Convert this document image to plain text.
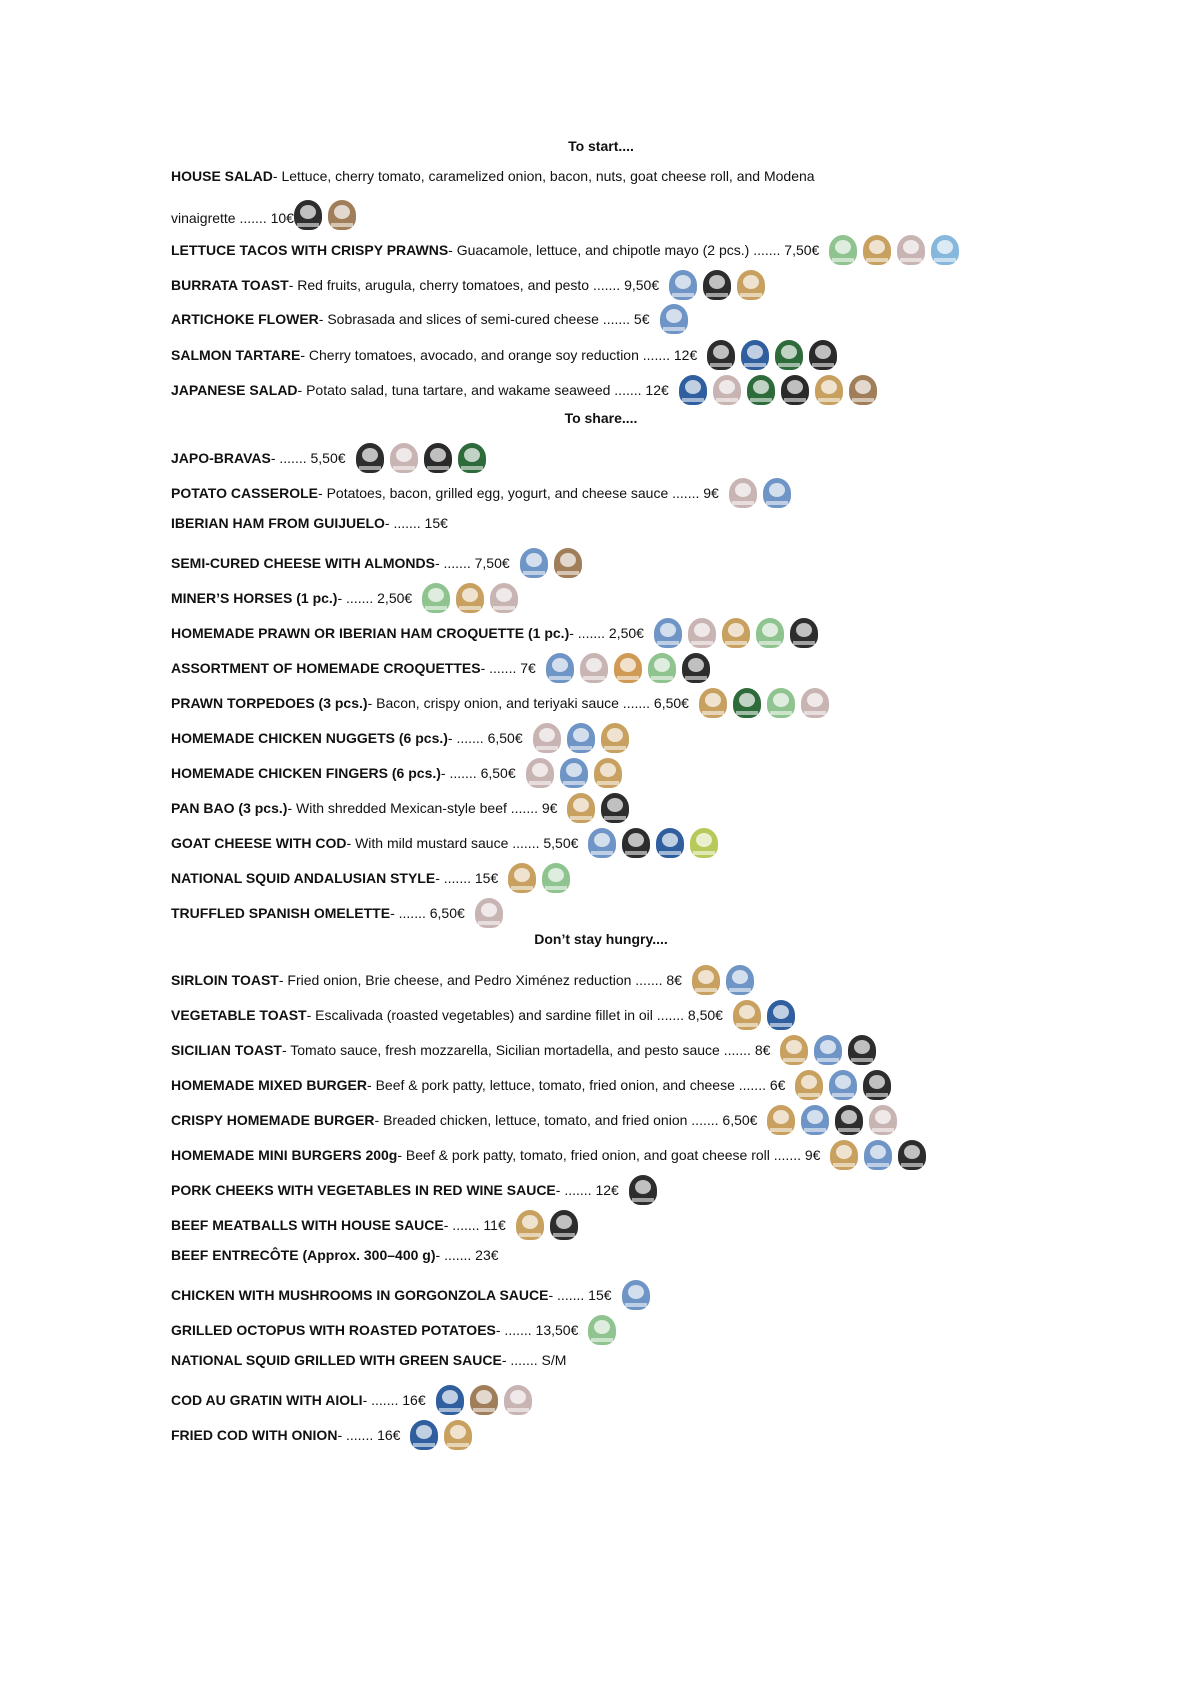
To start....
HOUSE SALAD - Lettuce, cherry tomato, caramelized onion, bacon, nuts, goat cheese roll, and Modena
vinaigrette ....... 10€
LETTUCE TACOS WITH CRISPY PRAWNS - Guacamole, lettuce, and chipotle mayo (2 pcs.) ....... 7,50€
BURRATA TOAST - Red fruits, arugula, cherry tomatoes, and pesto ....... 9,50€
ARTICHOKE FLOWER - Sobrasada and slices of semi-cured cheese ....... 5€
SALMON TARTARE - Cherry tomatoes, avocado, and orange soy reduction ....... 12€
JAPANESE SALAD - Potato salad, tuna tartare, and wakame seaweed ....... 12€
To share....
JAPO-BRAVAS - ....... 5,50€
POTATO CASSEROLE - Potatoes, bacon, grilled egg, yogurt, and cheese sauce ....... 9€
IBERIAN HAM FROM GUIJUELO - ....... 15€
SEMI-CURED CHEESE WITH ALMONDS - ....... 7,50€
MINER’S HORSES (1 pc.) - ....... 2,50€
HOMEMADE PRAWN OR IBERIAN HAM CROQUETTE (1 pc.) - ....... 2,50€
ASSORTMENT OF HOMEMADE CROQUETTES - ....... 7€
PRAWN TORPEDOES (3 pcs.) - Bacon, crispy onion, and teriyaki sauce ....... 6,50€
HOMEMADE CHICKEN NUGGETS (6 pcs.) - ....... 6,50€
HOMEMADE CHICKEN FINGERS (6 pcs.) - ....... 6,50€
PAN BAO (3 pcs.) - With shredded Mexican-style beef ....... 9€
GOAT CHEESE WITH COD - With mild mustard sauce ....... 5,50€
NATIONAL SQUID ANDALUSIAN STYLE - ....... 15€
TRUFFLED SPANISH OMELETTE - ....... 6,50€
Don’t stay hungry....
SIRLOIN TOAST - Fried onion, Brie cheese, and Pedro Ximénez reduction ....... 8€
VEGETABLE TOAST - Escalivada (roasted vegetables) and sardine fillet in oil ....... 8,50€
SICILIAN TOAST - Tomato sauce, fresh mozzarella, Sicilian mortadella, and pesto sauce ....... 8€
HOMEMADE MIXED BURGER - Beef & pork patty, lettuce, tomato, fried onion, and cheese ....... 6€
CRISPY HOMEMADE BURGER - Breaded chicken, lettuce, tomato, and fried onion ....... 6,50€
HOMEMADE MINI BURGERS 200g - Beef & pork patty, tomato, fried onion, and goat cheese roll ....... 9€
PORK CHEEKS WITH VEGETABLES IN RED WINE SAUCE - ....... 12€
BEEF MEATBALLS WITH HOUSE SAUCE - ....... 11€
BEEF ENTRECÔTE (Approx. 300–400 g) - ....... 23€
CHICKEN WITH MUSHROOMS IN GORGONZOLA SAUCE - ....... 15€
GRILLED OCTOPUS WITH ROASTED POTATOES - ....... 13,50€
NATIONAL SQUID GRILLED WITH GREEN SAUCE - ....... S/M
COD AU GRATIN WITH AIOLI - ....... 16€
FRIED COD WITH ONION - ....... 16€
